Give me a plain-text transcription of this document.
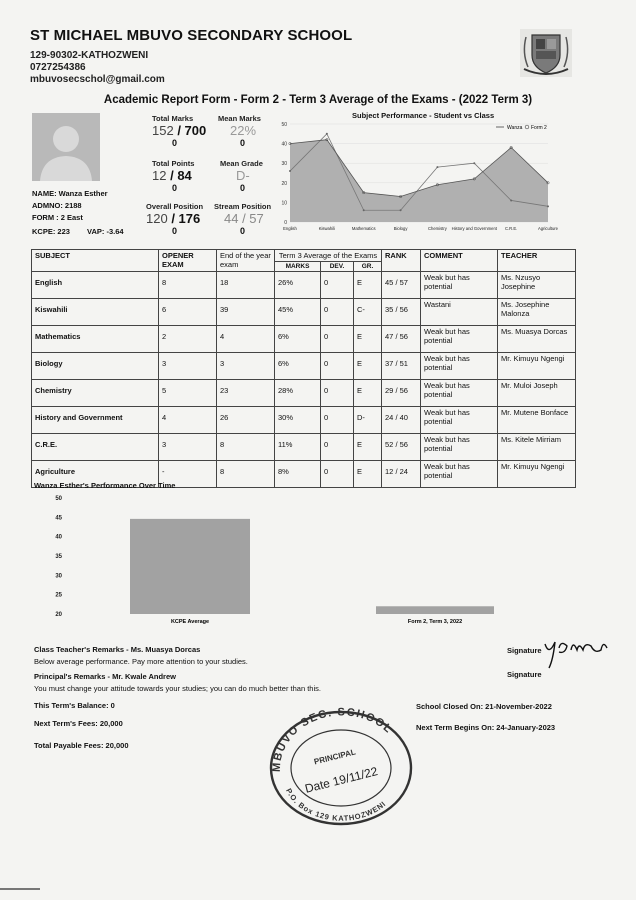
ST MICHAEL MBUVO SECONDARY SCHOOL
129-90302-KATHOZWENI
0727254386
mbuvosecschol@gmail.com
Academic Report Form - Form 2 - Term 3 Average of the Exams - (2022 Term 3)
Total Marks
152 / 700
0
Mean Marks
22%
0
Total Points
12 / 84
0
Mean Grade
D-
0
Overall Position
120 / 176
0
Stream Position
44 / 57
0
NAME: Wanza Esther
ADMNO: 2188
FORM : 2 East
KCPE: 223 VAP: -3.64
Subject Performance - Student vs Class
0
10
20
30
40
50
English	Kiswahili	Mathematics	Biology	Chemistry History and Government C.R.E.	Agriculture
Wanza Form 2
SUBJECT	OPENER EXAM	End of the year exam	Term 3 Average of the Exams			RANK	COMMENT	TEACHER
			MARKS	DEV.	GR.			
English	8	18	26%	0	E	45 / 57	Weak but has potential	Ms. Nzusyo Josephine
Kiswahili	6	39	45%	0	C-	35 / 56	Wastani	Ms. Josephine Malonza
Mathematics	2	4	6%	0	E	47 / 56	Weak but has potential	Ms. Muasya Dorcas
Biology	3	3	6%	0	E	37 / 51	Weak but has potential	Mr. Kimuyu Ngengi
Chemistry	5	23	28%	0	E	29 / 56	Weak but has potential	Mr. Muloi Joseph
History and Government	4	26	30%	0	D-	24 / 40	Weak but has potential	Mr. Mutene Bonface
C.R.E.	3	8	11%	0	E	52 / 56	Weak but has potential	Ms. Kitele Mirriam
Agriculture	-	8	8%	0	E	12 / 24	Weak but has potential	Mr. Kimuyu Ngengi
Wanza Esther's Performance Over Time
20
25
30
35
40
45
50
KCPE Average	Form 2, Term 3, 2022
Class Teacher's Remarks - Ms. Muasya Dorcas
Below average performance. Pay more attention to your studies.
Principal's Remarks - Mr. Kwale Andrew
You must change your attitude towards your studies; you can do much better than this.
Signature
Signature
This Term's Balance: 0
Next Term's Fees: 20,000
Total Payable Fees: 20,000
School Closed On: 21-November-2022
Next Term Begins On: 24-January-2023
MBUVO SEC. SCHOOL
P.O. Box 129 KATHOZWENI
PRINCIPAL
Date 19/11/22
